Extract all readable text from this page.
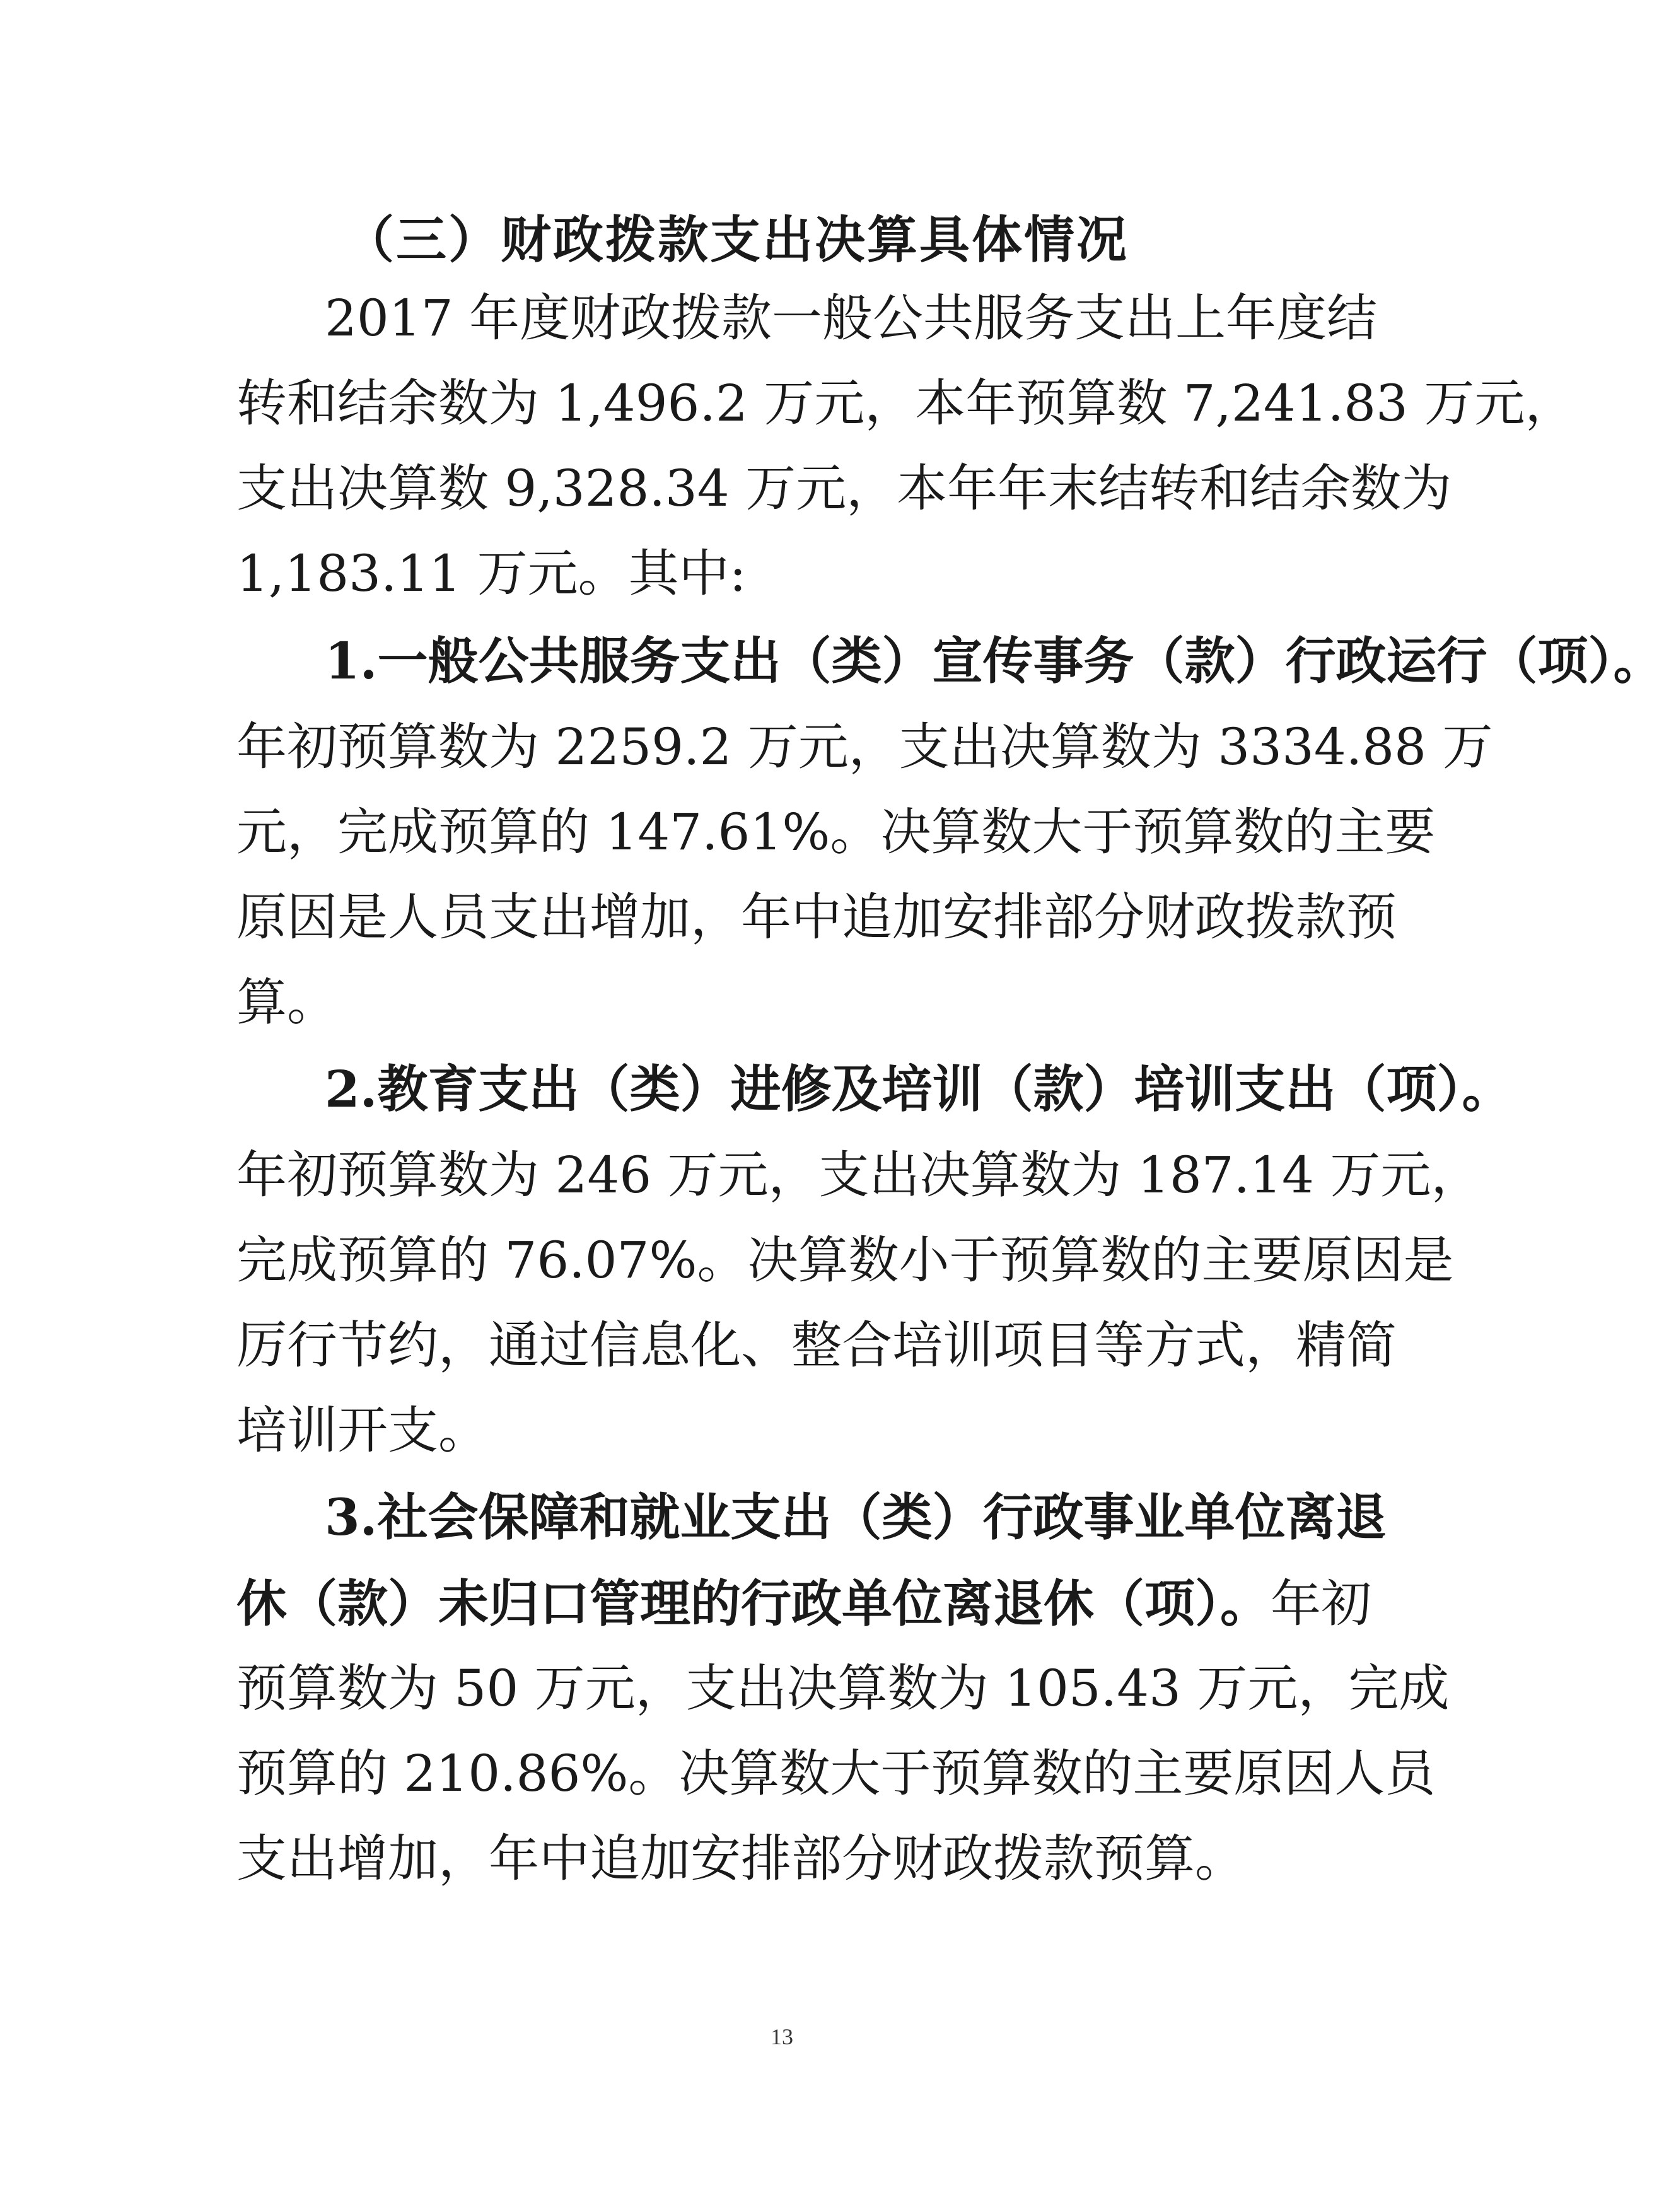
（三）财政拨款支出决算具体情况
2017 年度财政拨款一般公共服务支出上年度结
转和结余数为 1,496.2 万元，本年预算数 7,241.83 万元，
支出决算数 9,328.34 万元，本年年末结转和结余数为
1,183.11 万元。其中:
1.一般公共服务支出（类）宣传事务（款）行政运行（项）。
年初预算数为 2259.2 万元，支出决算数为 3334.88 万
元，完成预算的 147.61%。决算数大于预算数的主要
原因是人员支出增加，年中追加安排部分财政拨款预
算。
2.教育支出（类）进修及培训（款）培训支出（项）。
年初预算数为 246 万元，支出决算数为 187.14 万元，
完成预算的 76.07%。决算数小于预算数的主要原因是
厉行节约，通过信息化、整合培训项目等方式，精简
培训开支。
3.社会保障和就业支出（类）行政事业单位离退
休（款）未归口管理的行政单位离退休（项）。年初
预算数为 50 万元，支出决算数为 105.43 万元，完成
预算的 210.86%。决算数大于预算数的主要原因人员
支出增加，年中追加安排部分财政拨款预算。
13
